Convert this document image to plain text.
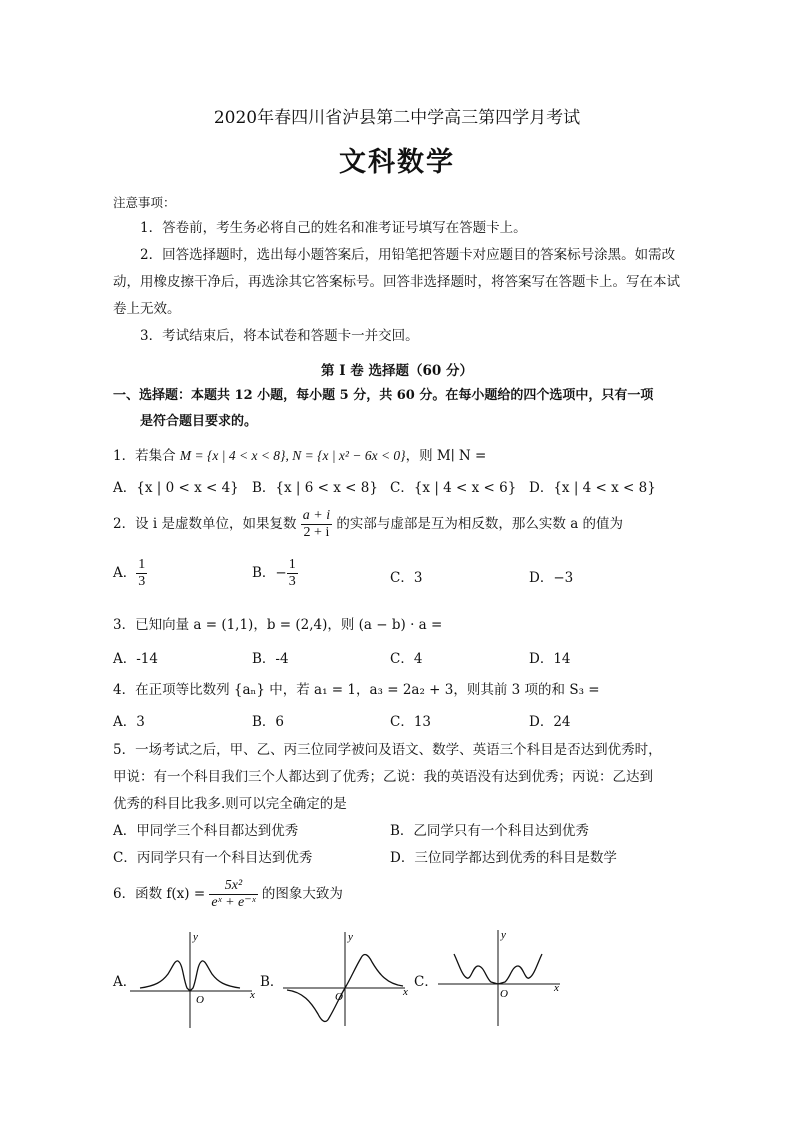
2020年春四川省泸县第二中学高三第四学月考试
文科数学
注意事项：
1．答卷前，考生务必将自己的姓名和准考证号填写在答题卡上。
2．回答选择题时，选出每小题答案后，用铅笔把答题卡对应题目的答案标号涂黑。如需改动，用橡皮擦干净后，再选涂其它答案标号。回答非选择题时，将答案写在答题卡上。写在本试卷上无效。
3．考试结束后，将本试卷和答题卡一并交回。
第 I 卷 选择题（60 分）
一、选择题：本题共 12 小题，每小题 5 分，共 60 分。在每小题给的四个选项中，只有一项
是符合题目要求的。
1．若集合 M = {x | 4 < x < 8}, N = {x | x² − 6x < 0}，则 M∣ N =
A．{x | 0 < x < 4} B．{x | 6 < x < 8} C．{x | 4 < x < 6} D．{x | 4 < x < 8}
2．设 i 是虚数单位，如果复数 $\frac{a + i}{2 + i}$ 的实部与虚部是互为相反数，那么实数 a 的值为
A． $\frac{1}{3}$	B．− $\frac{1}{3}$	C．3	D．−3
3．已知向量 a = (1,1)，b = (2,4)，则 (a − b) · a =
A．-14	B．-4	C．4	D．14
4．在正项等比数列 {aₙ} 中，若 a₁ = 1，a₃ = 2a₂ + 3，则其前 3 项的和 S₃ =
A．3	B．6	C．13	D．24
5．一场考试之后，甲、乙、丙三位同学被问及语文、数学、英语三个科目是否达到优秀时，
甲说：有一个科目我们三个人都达到了优秀；乙说：我的英语没有达到优秀；丙说：乙达到
优秀的科目比我多.则可以完全确定的是
A．甲同学三个科目都达到优秀	B．乙同学只有一个科目达到优秀
C．丙同学只有一个科目达到优秀	D．三位同学都达到优秀的科目是数学
6．函数 $f(x) = \frac{\text{5x²}}{\text{eˣ + e⁻ˣ}}$ 的图象大致为
A．	B．	C．
x
y
O
x
y
O
x
y
O
